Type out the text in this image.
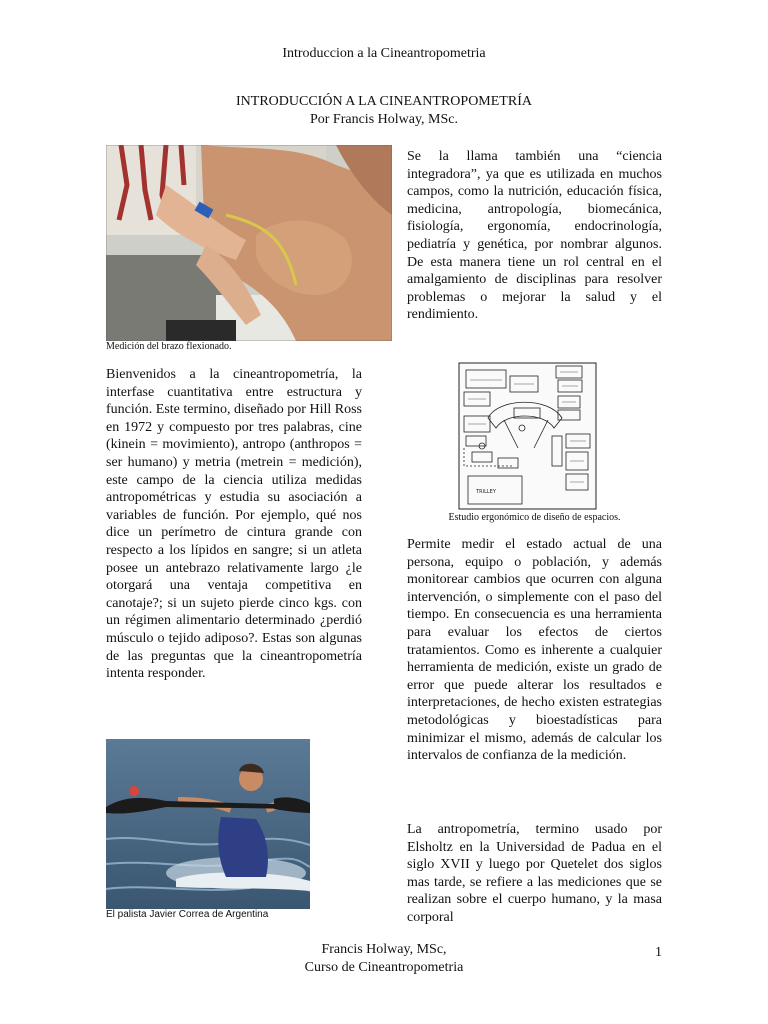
Introduccion a la Cineantropometria
INTRODUCCIÓN A LA CINEANTROPOMETRÍA
Por Francis Holway, MSc.
Medición del brazo flexionado.
Se la llama también una “ciencia integradora”, ya que es utilizada en muchos campos, como la nutrición, educación física, medicina, antropología, biomecánica, fisiología, ergonomía, endocrinología, pediatría y genética, por nombrar algunos. De esta manera tiene un rol central en el amalgamiento de disciplinas para resolver problemas o mejorar la salud y el rendimiento.
TRILLEY
Estudio ergonómico de diseño de espacios.
Bienvenidos a la cineantropometría, la interfase cuantitativa entre estructura y función. Este termino, diseñado por Hill Ross en 1972 y compuesto por tres palabras, cine (kinein = movimiento), antropo (anthropos = ser humano) y metria (metrein = medición), este campo de la ciencia utiliza medidas antropométricas y estudia su asociación a variables de función. Por ejemplo, qué nos dice un perímetro de cintura grande con respecto a los lípidos en sangre; si un atleta posee un antebrazo relativamente largo ¿le otorgará una ventaja competitiva en canotaje?; si un sujeto pierde cinco kgs. con un régimen alimentario determinado ¿perdió músculo o tejido adiposo?. Estas son algunas de las preguntas que la cineantropometría intenta responder.
El palista Javier Correa de Argentina
Permite medir el estado actual de una persona, equipo o población, y además monitorear cambios que ocurren con alguna intervención, o simplemente con el paso del tiempo. En consecuencia es una herramienta para evaluar los efectos de ciertos tratamientos. Como es inherente a cualquier herramienta de medición, existe un grado de error que puede alterar los resultados e interpretaciones, de hecho existen estrategias metodológicas y bioestadísticas para minimizar el mismo, además de calcular los intervalos de confianza de la medición.
La antropometría, termino usado por Elsholtz en la Universidad de Padua en el siglo XVII y luego por Quetelet dos siglos mas tarde, se refiere a las mediciones que se realizan sobre el cuerpo humano, y la masa corporal
Francis Holway, MSc,
Curso de Cineantropometria
1
